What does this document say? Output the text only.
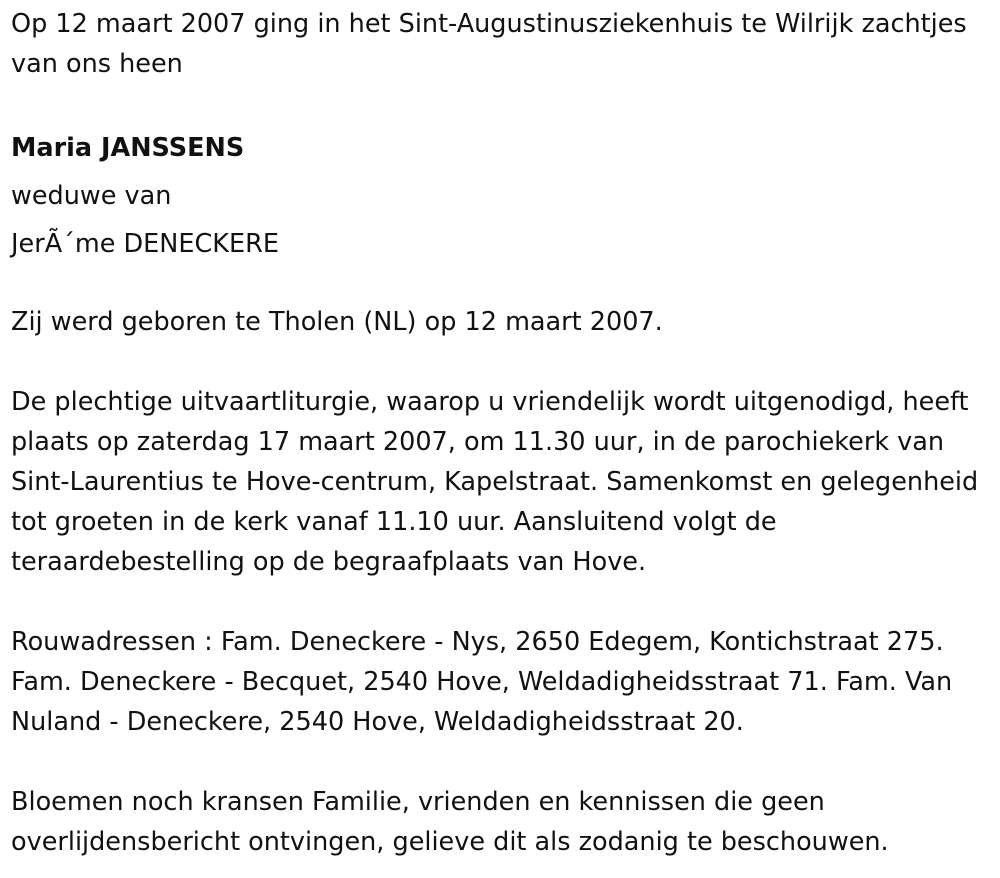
Op 12 maart 2007 ging in het Sint-Augustinusziekenhuis te Wilrijk zachtjes van ons heen

Maria JANSSENS
weduwe van
JerÃ´me DENECKERE

Zij werd geboren te Tholen (NL) op 12 maart 2007.

De plechtige uitvaartliturgie, waarop u vriendelijk wordt uitgenodigd, heeft plaats op zaterdag 17 maart 2007, om 11.30 uur, in de parochiekerk van Sint-Laurentius te Hove-centrum, Kapelstraat. Samenkomst en gelegenheid tot groeten in de kerk vanaf 11.10 uur. Aansluitend volgt de teraardebestelling op de begraafplaats van Hove.

Rouwadressen : Fam. Deneckere - Nys, 2650 Edegem, Kontichstraat 275. Fam. Deneckere - Becquet, 2540 Hove, Weldadigheidsstraat 71. Fam. Van Nuland - Deneckere, 2540 Hove, Weldadigheidsstraat 20.

Bloemen noch kransen Familie, vrienden en kennissen die geen overlijdensbericht ontvingen, gelieve dit als zodanig te beschouwen.
